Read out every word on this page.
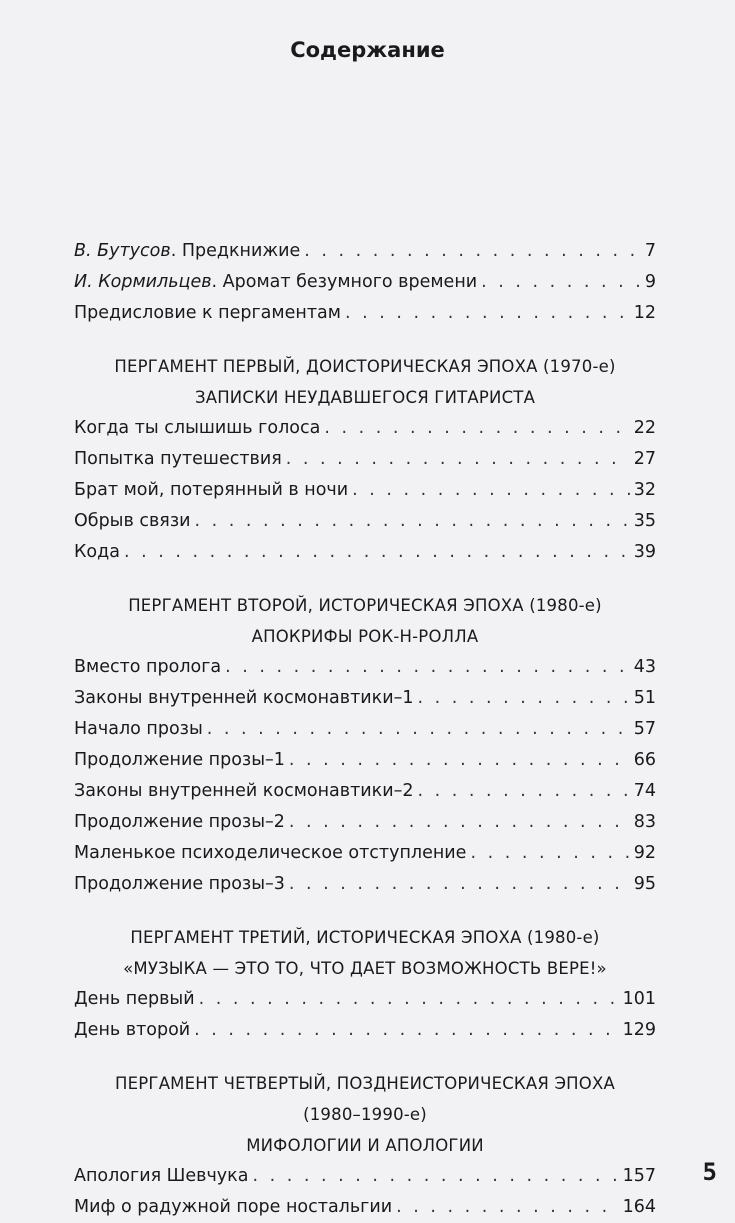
Содержание
В. Бутусов. Предкнижие . . .	7
И. Кормильцев. Аромат безумного времени . . .	9
Предисловие к пергаментам . . .	12
ПЕРГАМЕНТ ПЕРВЫЙ, ДОИСТОРИЧЕСКАЯ ЭПОХА (1970-е)
ЗАПИСКИ НЕУДАВШЕГОСЯ ГИТАРИСТА
Когда ты слышишь голоса . . .	22
Попытка путешествия . . .	27
Брат мой, потерянный в ночи . . .	32
Обрыв связи . . .	35
Кода . . .	39
ПЕРГАМЕНТ ВТОРОЙ, ИСТОРИЧЕСКАЯ ЭПОХА (1980-е)
АПОКРИФЫ РОК-Н-РОЛЛА
Вместо пролога . . .	43
Законы внутренней космонавтики–1 . . .	51
Начало прозы . . .	57
Продолжение прозы–1 . . .	66
Законы внутренней космонавтики–2 . . .	74
Продолжение прозы–2 . . .	83
Маленькое психоделическое отступление . . .	92
Продолжение прозы–3 . . .	95
ПЕРГАМЕНТ ТРЕТИЙ, ИСТОРИЧЕСКАЯ ЭПОХА (1980-е)
«МУЗЫКА — ЭТО ТО, ЧТО ДАЕТ ВОЗМОЖНОСТЬ ВЕРЕ!»
День первый . . .	101
День второй . . .	129
ПЕРГАМЕНТ ЧЕТВЕРТЫЙ, ПОЗДНЕИСТОРИЧЕСКАЯ ЭПОХА
(1980–1990-е)
МИФОЛОГИИ И АПОЛОГИИ
Апология Шевчука . . .	157
Миф о радужной поре ностальгии . . .	164
5
